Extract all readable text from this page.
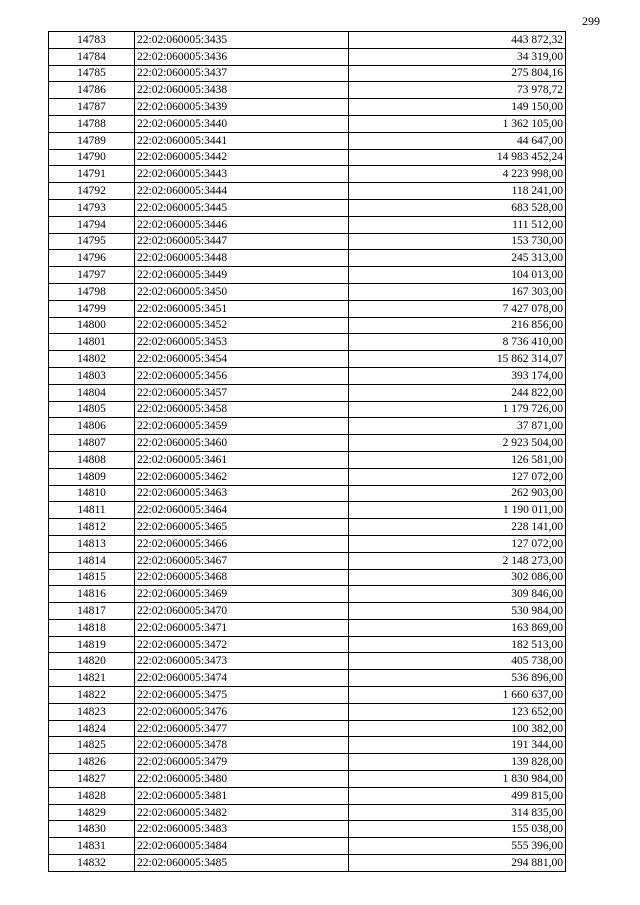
299
14783	22:02:060005:3435	443 872,32
14784	22:02:060005:3436	34 319,00
14785	22:02:060005:3437	275 804,16
14786	22:02:060005:3438	73 978,72
14787	22:02:060005:3439	149 150,00
14788	22:02:060005:3440	1 362 105,00
14789	22:02:060005:3441	44 647,00
14790	22:02:060005:3442	14 983 452,24
14791	22:02:060005:3443	4 223 998,00
14792	22:02:060005:3444	118 241,00
14793	22:02:060005:3445	683 528,00
14794	22:02:060005:3446	111 512,00
14795	22:02:060005:3447	153 730,00
14796	22:02:060005:3448	245 313,00
14797	22:02:060005:3449	104 013,00
14798	22:02:060005:3450	167 303,00
14799	22:02:060005:3451	7 427 078,00
14800	22:02:060005:3452	216 856,00
14801	22:02:060005:3453	8 736 410,00
14802	22:02:060005:3454	15 862 314,07
14803	22:02:060005:3456	393 174,00
14804	22:02:060005:3457	244 822,00
14805	22:02:060005:3458	1 179 726,00
14806	22:02:060005:3459	37 871,00
14807	22:02:060005:3460	2 923 504,00
14808	22:02:060005:3461	126 581,00
14809	22:02:060005:3462	127 072,00
14810	22:02:060005:3463	262 903,00
14811	22:02:060005:3464	1 190 011,00
14812	22:02:060005:3465	228 141,00
14813	22:02:060005:3466	127 072,00
14814	22:02:060005:3467	2 148 273,00
14815	22:02:060005:3468	302 086,00
14816	22:02:060005:3469	309 846,00
14817	22:02:060005:3470	530 984,00
14818	22:02:060005:3471	163 869,00
14819	22:02:060005:3472	182 513,00
14820	22:02:060005:3473	405 738,00
14821	22:02:060005:3474	536 896,00
14822	22:02:060005:3475	1 660 637,00
14823	22:02:060005:3476	123 652,00
14824	22:02:060005:3477	100 382,00
14825	22:02:060005:3478	191 344,00
14826	22:02:060005:3479	139 828,00
14827	22:02:060005:3480	1 830 984,00
14828	22:02:060005:3481	499 815,00
14829	22:02:060005:3482	314 835,00
14830	22:02:060005:3483	155 038,00
14831	22:02:060005:3484	555 396,00
14832	22:02:060005:3485	294 881,00
